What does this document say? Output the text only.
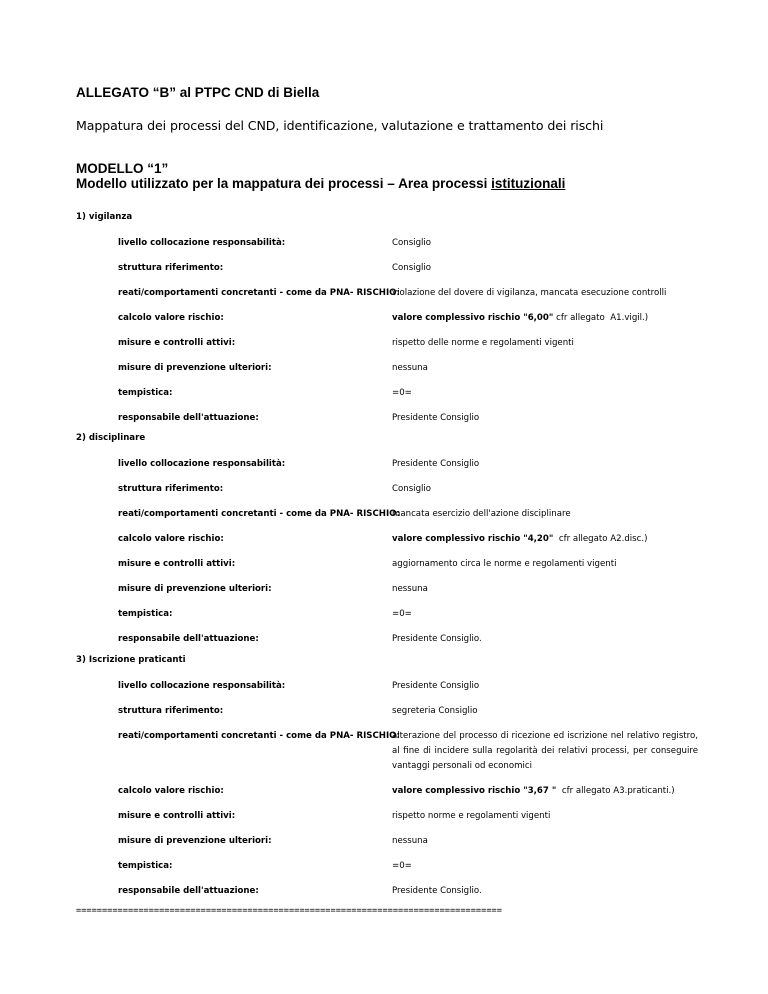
ALLEGATO “B” al PTPC CND di Biella

Mappatura dei processi del CND, identificazione, valutazione e trattamento dei rischi

MODELLO “1”
Modello utilizzato per la mappatura dei processi – Area processi istituzionali

1) vigilanza

livello collocazione responsabilità:	Consiglio
struttura riferimento:	Consiglio
reati/comportamenti concretanti - come da PNA- RISCHIO:
violazione del dovere di vigilanza, mancata esecuzione controlli
calcolo valore rischio:	valore complessivo rischio "6,00" cfr allegato  A1.vigil.)
misure e controlli attivi:	rispetto delle norme e regolamenti vigenti
misure di prevenzione ulteriori:	nessuna
tempistica:	=0=
responsabile dell'attuazione:	Presidente Consiglio

2) disciplinare

livello collocazione responsabilità:	Presidente Consiglio
struttura riferimento:	Consiglio
reati/comportamenti concretanti - come da PNA- RISCHIO:
mancata esercizio dell'azione disciplinare
calcolo valore rischio:	valore complessivo rischio "4,20"  cfr allegato A2.disc.)
misure e controlli attivi:	aggiornamento circa le norme e regolamenti vigenti
misure di prevenzione ulteriori:	nessuna
tempistica:	=0=
responsabile dell'attuazione:	Presidente Consiglio.

3) Iscrizione praticanti

livello collocazione responsabilità:	Presidente Consiglio
struttura riferimento:	segreteria Consiglio
reati/comportamenti concretanti - come da PNA- RISCHIO:
alterazione del processo di ricezione ed iscrizione nel relativo registro, al fine di incidere sulla regolarità dei relativi processi, per conseguire vantaggi personali od economici
calcolo valore rischio:	valore complessivo rischio "3,67 "  cfr allegato A3.praticanti.)
misure e controlli attivi:	rispetto norme e regolamenti vigenti
misure di prevenzione ulteriori:	nessuna
tempistica:	=0=
responsabile dell'attuazione:	Presidente Consiglio.
==================================================================================
